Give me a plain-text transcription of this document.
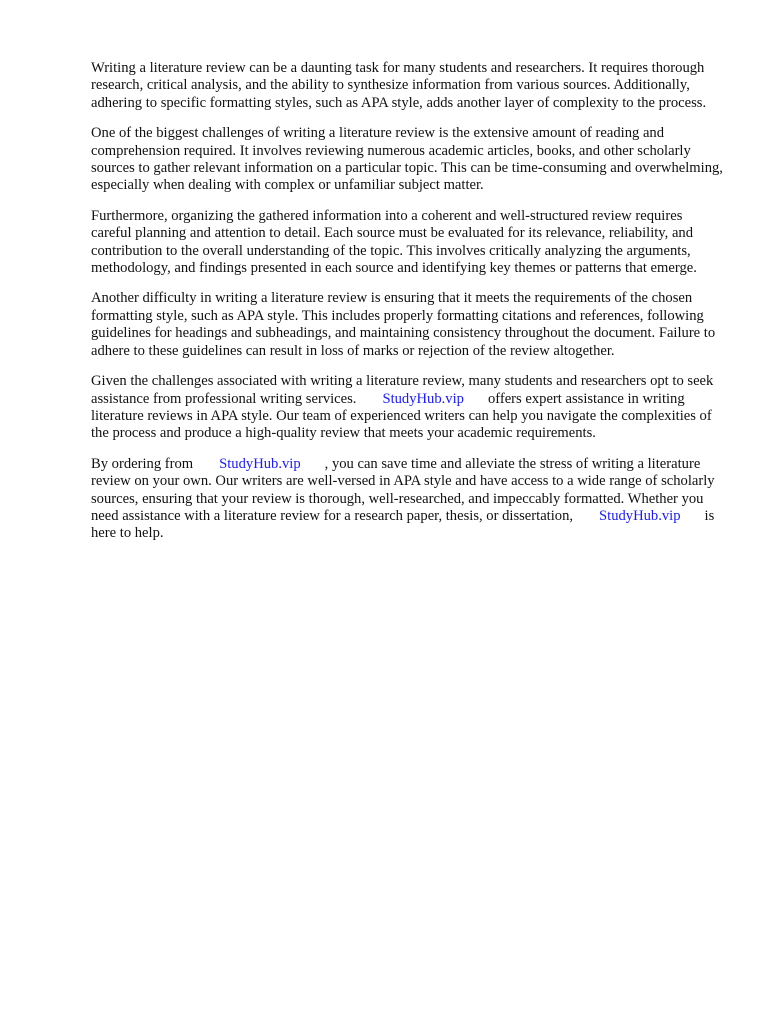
Writing a literature review can be a daunting task for many students and researchers. It requires thorough research, critical analysis, and the ability to synthesize information from various sources. Additionally, adhering to specific formatting styles, such as APA style, adds another layer of complexity to the process.

One of the biggest challenges of writing a literature review is the extensive amount of reading and comprehension required. It involves reviewing numerous academic articles, books, and other scholarly sources to gather relevant information on a particular topic. This can be time-consuming and overwhelming, especially when dealing with complex or unfamiliar subject matter.

Furthermore, organizing the gathered information into a coherent and well-structured review requires careful planning and attention to detail. Each source must be evaluated for its relevance, reliability, and contribution to the overall understanding of the topic. This involves critically analyzing the arguments, methodology, and findings presented in each source and identifying key themes or patterns that emerge.

Another difficulty in writing a literature review is ensuring that it meets the requirements of the chosen formatting style, such as APA style. This includes properly formatting citations and references, following guidelines for headings and subheadings, and maintaining consistency throughout the document. Failure to adhere to these guidelines can result in loss of marks or rejection of the review altogether.

Given the challenges associated with writing a literature review, many students and researchers opt to seek assistance from professional writing services. StudyHub.vip offers expert assistance in writing literature reviews in APA style. Our team of experienced writers can help you navigate the complexities of the process and produce a high-quality review that meets your academic requirements.

By ordering from StudyHub.vip , you can save time and alleviate the stress of writing a literature review on your own. Our writers are well-versed in APA style and have access to a wide range of scholarly sources, ensuring that your review is thorough, well-researched, and impeccably formatted. Whether you need assistance with a literature review for a research paper, thesis, or dissertation, StudyHub.vip is here to help.
